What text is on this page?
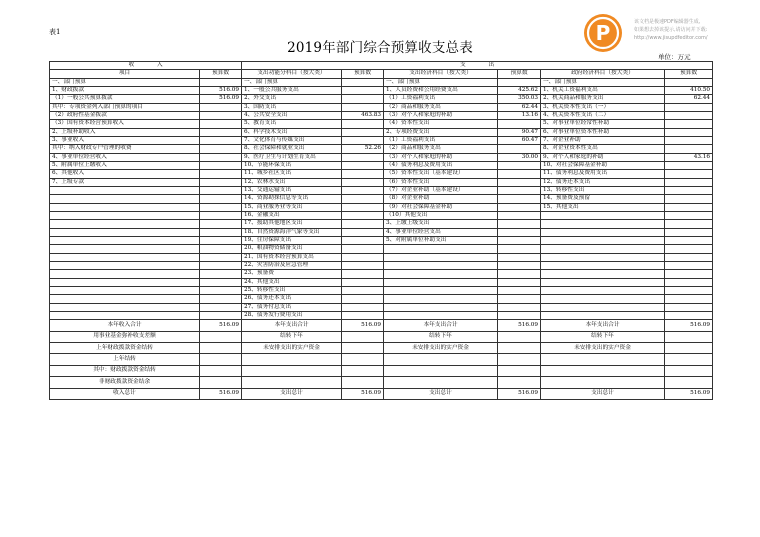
表1
2019年部门综合预算收支总表
单位：万元
P	该文档是极速PDF编辑器生成,
如果想去掉该提示,请访问并下载:
http://www.jisupdfeditor.com/
收　　　　入		支　　　　出					
项目	预算数	支出功能分科目（按大类）	预算数	支出经济科目（按大类）	预算数	政府经济科目（按大类）	预算数
一、部门预算		一、部门预算		一、部门预算		一、部门预算	
1、财政拨款	516.09	1、一般公共服务支出		1、人员经费和公用经费支出	425.62	1、机关工资福利支出	410.50
（1）一般公共预算拨款	516.09	2、外交支出		（1）工资福利支出	350.03	2、机关商品和服务支出	62.44
其中：专项资金列入部门预算的项目		3、国防支出		（2）商品和服务支出	62.44	3、机关资本性支出（一）	
（2）政府性基金拨款		4、公共安全支出	463.83	（3）对个人和家庭的补助	13.16	4、机关资本性支出（二）	
（3）国有资本经营预算收入		5、教育支出		（4）资本性支出		5、对事业单位经常性补助	
2、上级补助收入		6、科学技术支出		2、专项经费支出	90.47	6、对事业单位资本性补助	
3、事业收入		7、文化体育与传媒支出		（1）工资福利支出	60.47	7、对企业补助	
其中：纳入财政专户管理的收费		8、社会保障和就业支出	52.26	（2）商品和服务支出		8、对企业资本性支出	
4、事业单位经营收入		9、医疗卫生与计划生育支出		（3）对个人和家庭的补助	30.00	9、对个人和家庭的补助	43.16
5、附属单位上缴收入		10、节能环保支出		（4）债务利息及费用支出		10、对社会保障基金补助	
6、其他收入		11、城乡社区支出		（5）资本性支出（基本建设）		11、债务利息及费用支出	
7、上级专款		12、农林水支出		（6）资本性支出		12、债务还本支出	
		13、交通运输支出		（7）对企业补助（基本建设）		13、转移性支出	
		14、资源勘探信息等支出		（8）对企业补助		14、预备费及预留	
		15、商业服务业等支出		（9）对社会保障基金补助		15、其他支出	
		16、金融支出		（10）其他支出			
		17、援助其他地区支出		3、上缴上级支出			
		18、自然资源海洋气象等支出		4、事业单位经营支出			
		19、住房保障支出		5、对附属单位补助支出			
		20、粮油物资储备支出					
		21、国有资本经营预算支出					
		22、灾害防治及应急管理					
		23、预备费					
		24、其他支出					
		25、转移性支出					
		26、债务还本支出					
		27、债务付息支出					
		28、债务发行费用支出					
本年收入合计	516.09	本年支出合计	516.09	本年支出合计	516.09	本年支出合计	516.09
用事业基金弥补收支差额		结转下年		结转下年		结转下年	
上年财政拨款资金结转		未安排支出的实户资金		未安排支出的实户资金		未安排支出的实户资金	
上年结转							
其中：财政拨款资金结转							
非财政拨款资金结余							
收入总计	516.09	支出总计	516.09	支出总计	516.09	支出总计	516.09
